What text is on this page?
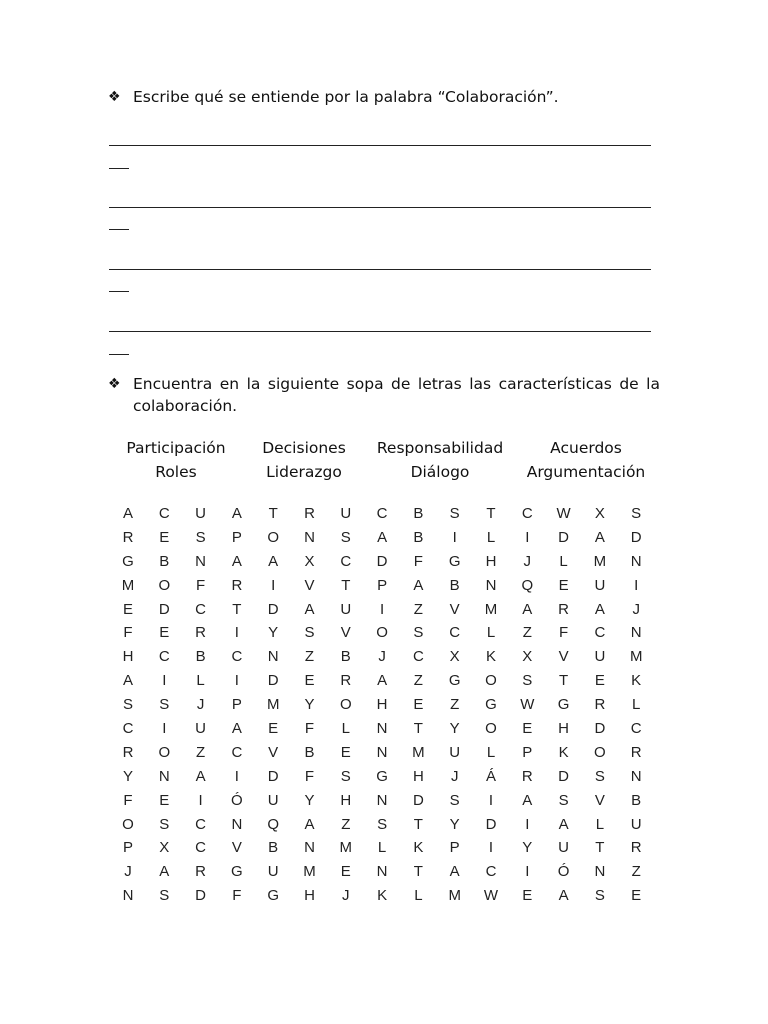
❖ Escribe qué se entiende por la palabra “Colaboración”.
❖ Encuentra en la siguiente sopa de letras las características de la colaboración.
Participación
Roles
Decisiones
Liderazgo
Responsabilidad
Diálogo
Acuerdos
Argumentación
A	C	U	A	T	R	U	C	B	S	T	C	W	X	S
R	E	S	P	O	N	S	A	B	I	L	I	D	A	D
G	B	N	A	A	X	C	D	F	G	H	J	L	M	N
M	O	F	R	I	V	T	P	A	B	N	Q	E	U	I
E	D	C	T	D	A	U	I	Z	V	M	A	R	A	J
F	E	R	I	Y	S	V	O	S	C	L	Z	F	C	N
H	C	B	C	N	Z	B	J	C	X	K	X	V	U	M
A	I	L	I	D	E	R	A	Z	G	O	S	T	E	K
S	S	J	P	M	Y	O	H	E	Z	G	W	G	R	L
C	I	U	A	E	F	L	N	T	Y	O	E	H	D	C
R	O	Z	C	V	B	E	N	M	U	L	P	K	O	R
Y	N	A	I	D	F	S	G	H	J	Á	R	D	S	N
F	E	I	Ó	U	Y	H	N	D	S	I	A	S	V	B
O	S	C	N	Q	A	Z	S	T	Y	D	I	A	L	U
P	X	C	V	B	N	M	L	K	P	I	Y	U	T	R
J	A	R	G	U	M	E	N	T	A	C	I	Ó	N	Z
N	S	D	F	G	H	J	K	L	M	W	E	A	S	E
